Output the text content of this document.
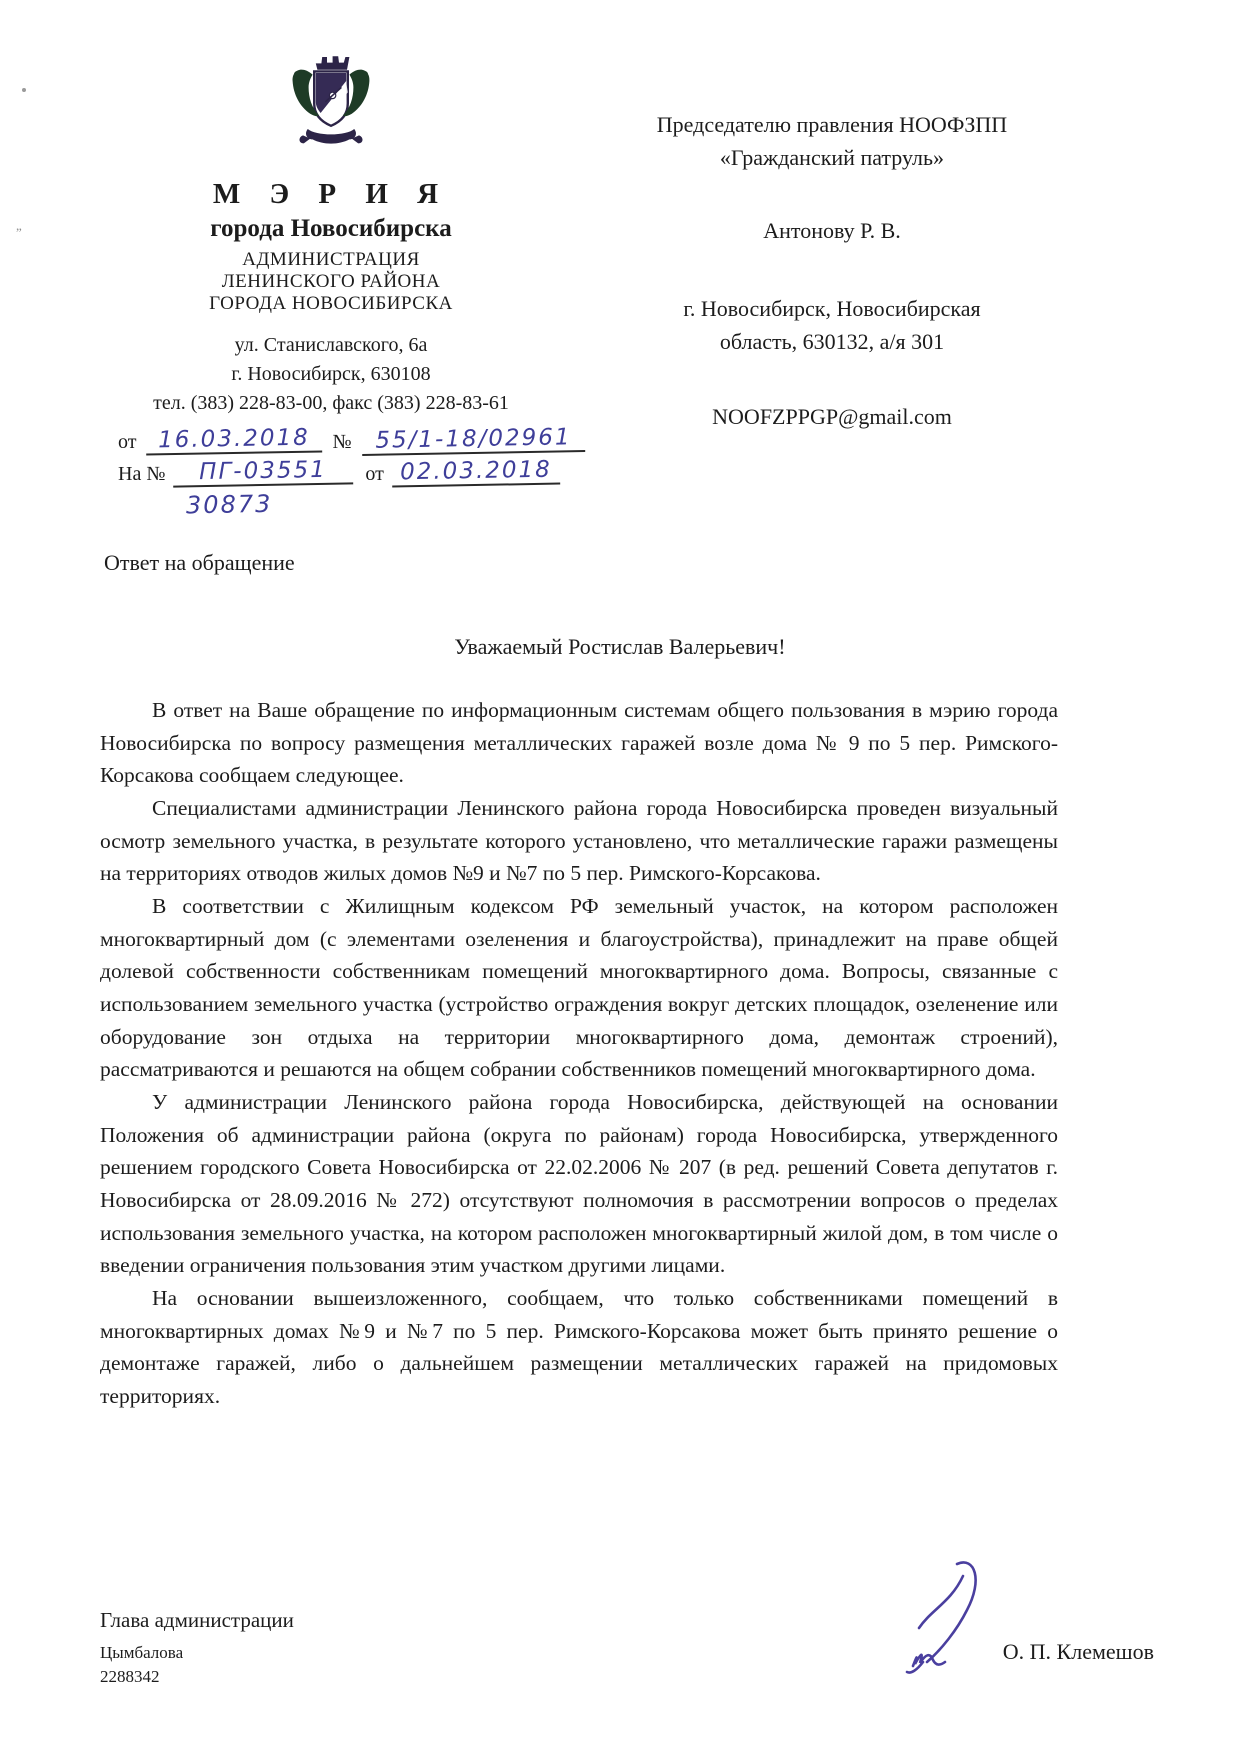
„
М Э Р И Я
города Новосибирска
АДМИНИСТРАЦИЯ
ЛЕНИНСКОГО РАЙОНА
ГОРОДА НОВОСИБИРСКА
ул. Станиславского, 6а
г. Новосибирск, 630108
тел. (383) 228-83-00, факс (383) 228-83-61
от 16.03.2018	№	55/1-18/02961
На №	ПГ-03551	от 02.03.2018
30873
Председателю правления НООФЗПП
«Гражданский патруль»
Антонову Р. В.
г. Новосибирск, Новосибирская
область, 630132, а/я 301
NOOFZPPGP@gmail.com
Ответ на обращение
Уважаемый Ростислав Валерьевич!

В ответ на Ваше обращение по информационным системам общего пользования в мэрию города Новосибирска по вопросу размещения металлических гаражей возле дома № 9 по 5 пер. Римского-Корсакова сообщаем следующее.

Специалистами администрации Ленинского района города Новосибирска проведен визуальный осмотр земельного участка, в результате которого установлено, что металлические гаражи размещены на территориях отводов жилых домов №9 и №7 по 5 пер. Римского-Корсакова.

В соответствии с Жилищным кодексом РФ земельный участок, на котором расположен многоквартирный дом (с элементами озеленения и благоустройства), принадлежит на праве общей долевой собственности собственникам помещений многоквартирного дома. Вопросы, связанные с использованием земельного участка (устройство ограждения вокруг детских площадок, озеленение или оборудование зон отдыха на территории многоквартирного дома, демонтаж строений), рассматриваются и решаются на общем собрании собственников помещений многоквартирного дома.

У администрации Ленинского района города Новосибирска, действующей на основании Положения об администрации района (округа по районам) города Новосибирска, утвержденного решением городского Совета Новосибирска от 22.02.2006 № 207 (в ред. решений Совета депутатов г. Новосибирска от 28.09.2016 № 272) отсутствуют полномочия в рассмотрении вопросов о пределах использования земельного участка, на котором расположен многоквартирный жилой дом, в том числе о введении ограничения пользования этим участком другими лицами.

На основании вышеизложенного, сообщаем, что только собственниками помещений в многоквартирных домах №9 и №7 по 5 пер. Римского-Корсакова может быть принято решение о демонтаже гаражей, либо о дальнейшем размещении металлических гаражей на придомовых территориях.

Глава администрации
Цымбалова
2288342
О. П. Клемешов
